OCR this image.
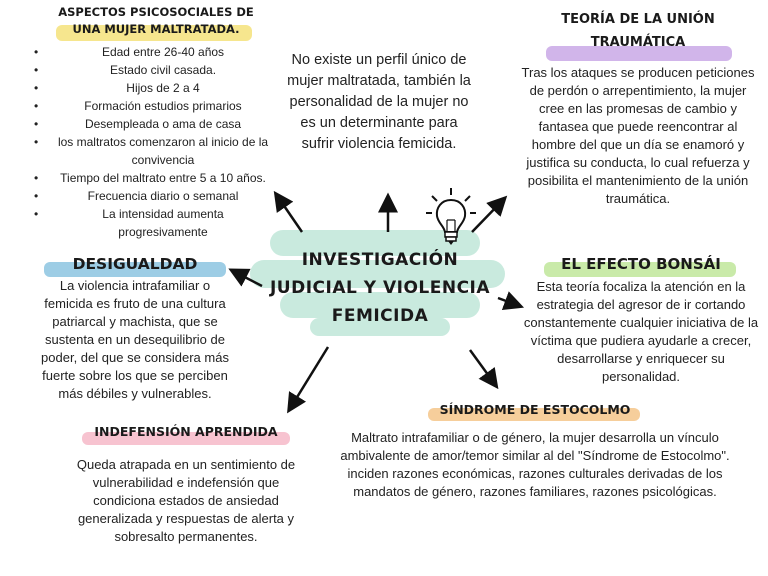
INVESTIGACIÓN
JUDICIAL Y VIOLENCIA
FEMICIDA
ASPECTOS PSICOSOCIALES DE
UNA MUJER MALTRATADA.
• Edad entre 26-40 años
• Estado civil casada.
• Hijos de 2 a 4
• Formación estudios primarios
• Desempleada o ama de casa
• los maltratos comenzaron al inicio de la convivencia
• Tiempo del maltrato entre 5 a 10 años.
• Frecuencia diario o semanal
• La intensidad aumenta progresivamente
No existe un perfil único de mujer maltratada, también la personalidad de la mujer no es un determinante para sufrir violencia femicida.
TEORÍA DE LA UNIÓN
TRAUMÁTICA
Tras los ataques se producen peticiones de perdón o arrepentimiento, la mujer cree en las promesas de cambio y fantasea que puede reencontrar al hombre del que un día se enamoró y justifica su conducta, lo cual refuerza y posibilita el mantenimiento de la unión traumática.
DESIGUALDAD
La violencia intrafamiliar o femicida es fruto de una cultura patriarcal y machista, que se sustenta en un desequilibrio de poder, del que se considera más fuerte sobre los que se perciben más débiles y vulnerables.
EL EFECTO BONSÁI
Esta teoría focaliza la atención en la estrategia del agresor de ir cortando constantemente cualquier iniciativa de la víctima que pudiera ayudarle a crecer, desarrollarse y enriquecer su personalidad.
SÍNDROME DE ESTOCOLMO
Maltrato intrafamiliar o de género, la mujer desarrolla un vínculo ambivalente de amor/temor similar al del "Síndrome de Estocolmo". inciden razones económicas, razones culturales derivadas de los mandatos de género, razones familiares, razones psicológicas.
INDEFENSIÓN APRENDIDA
Queda atrapada en un sentimiento de vulnerabilidad e indefensión que condiciona estados de ansiedad generalizada y respuestas de alerta y sobresalto permanentes.
